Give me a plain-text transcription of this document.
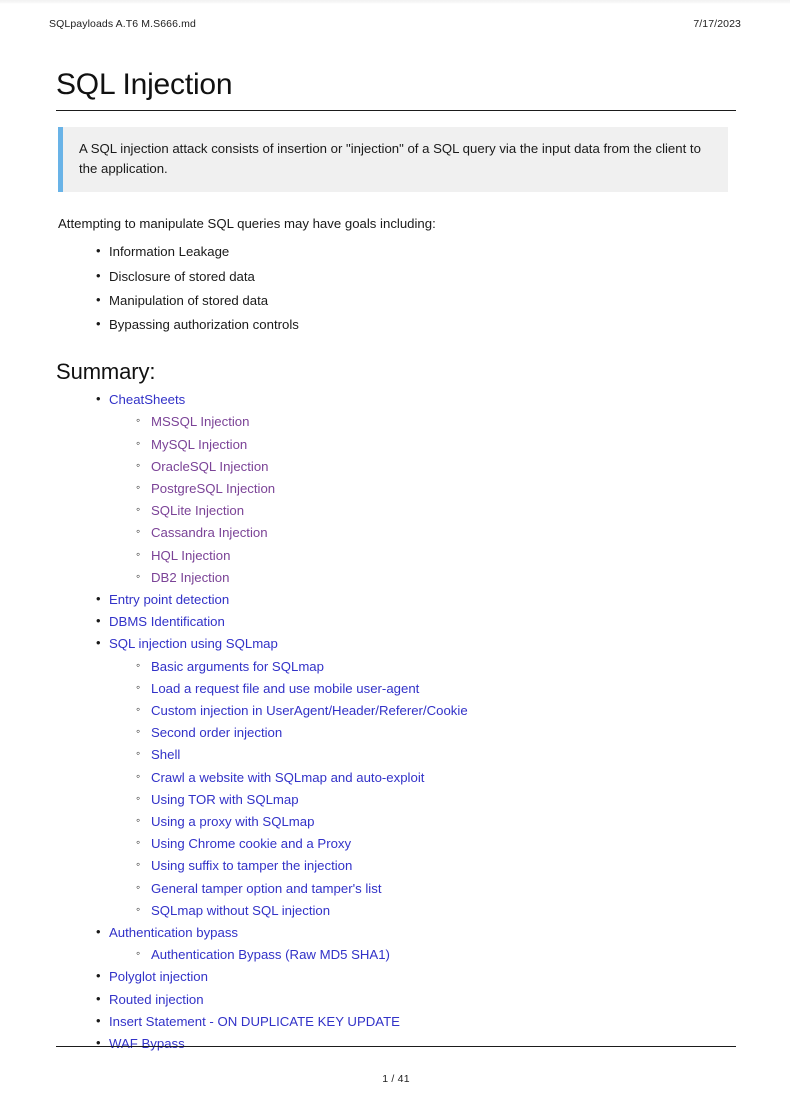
SQLpayloads A.T6 M.S666.md	7/17/2023
SQL Injection

A SQL injection attack consists of insertion or "injection" of a SQL query via the input data from the client to the application.

Attempting to manipulate SQL queries may have goals including:

• Information Leakage
• Disclosure of stored data
• Manipulation of stored data
• Bypassing authorization controls
Summary:
• CheatSheets
◦ MSSQL Injection
◦ MySQL Injection
◦ OracleSQL Injection
◦ PostgreSQL Injection
◦ SQLite Injection
◦ Cassandra Injection
◦ HQL Injection
◦ DB2 Injection
• Entry point detection
• DBMS Identification
• SQL injection using SQLmap
◦ Basic arguments for SQLmap
◦ Load a request file and use mobile user-agent
◦ Custom injection in UserAgent/Header/Referer/Cookie
◦ Second order injection
◦ Shell
◦ Crawl a website with SQLmap and auto-exploit
◦ Using TOR with SQLmap
◦ Using a proxy with SQLmap
◦ Using Chrome cookie and a Proxy
◦ Using suffix to tamper the injection
◦ General tamper option and tamper's list
◦ SQLmap without SQL injection
• Authentication bypass
◦ Authentication Bypass (Raw MD5 SHA1)
• Polyglot injection
• Routed injection
• Insert Statement - ON DUPLICATE KEY UPDATE
• WAF Bypass
1 / 41
